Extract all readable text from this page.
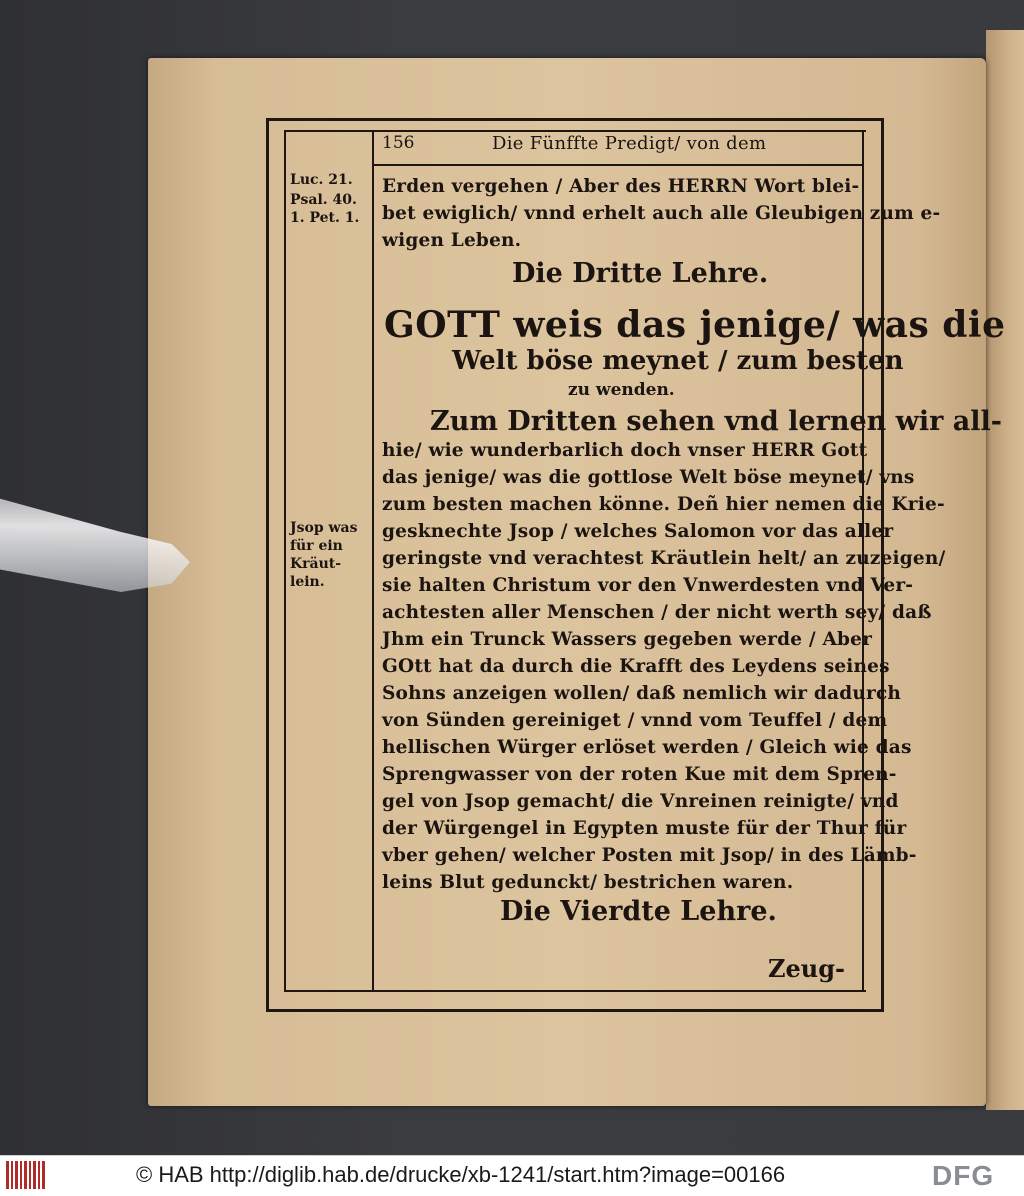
156	Die Fünffte Predigt/ von dem
Luc. 21.
Psal. 40.
1. Pet. 1.
Jsop was
für ein
Kräut-
lein.
Erden vergehen / Aber des HERRN Wort blei-
bet ewiglich/ vnnd erhelt auch alle Gleubigen zum e-
wigen Leben.
Die Dritte Lehre.
GOTT weis das jenige/ was die
Welt böse meynet / zum besten
zu wenden.
Zum Dritten sehen vnd lernen wir all-
hie/ wie wunderbarlich doch vnser HERR Gott
das jenige/ was die gottlose Welt böse meynet/ vns
zum besten machen könne. Deñ hier nemen die Krie-
gesknechte Jsop / welches Salomon vor das aller
geringste vnd verachtest Kräutlein helt/ an zuzeigen/
sie halten Christum vor den Vnwerdesten vnd Ver-
achtesten aller Menschen / der nicht werth sey/ daß
Jhm ein Trunck Wassers gegeben werde / Aber
GOtt hat da durch die Krafft des Leydens seines
Sohns anzeigen wollen/ daß nemlich wir dadurch
von Sünden gereiniget / vnnd vom Teuffel / dem
hellischen Würger erlöset werden / Gleich wie das
Sprengwasser von der roten Kue mit dem Spren-
gel von Jsop gemacht/ die Vnreinen reinigte/ vnd
der Würgengel in Egypten muste für der Thur für
vber gehen/ welcher Posten mit Jsop/ in des Lämb-
leins Blut gedunckt/ bestrichen waren.
Die Vierdte Lehre.
Zeug-
© HAB http://diglib.hab.de/drucke/xb-1241/start.htm?image=00166	DFG
